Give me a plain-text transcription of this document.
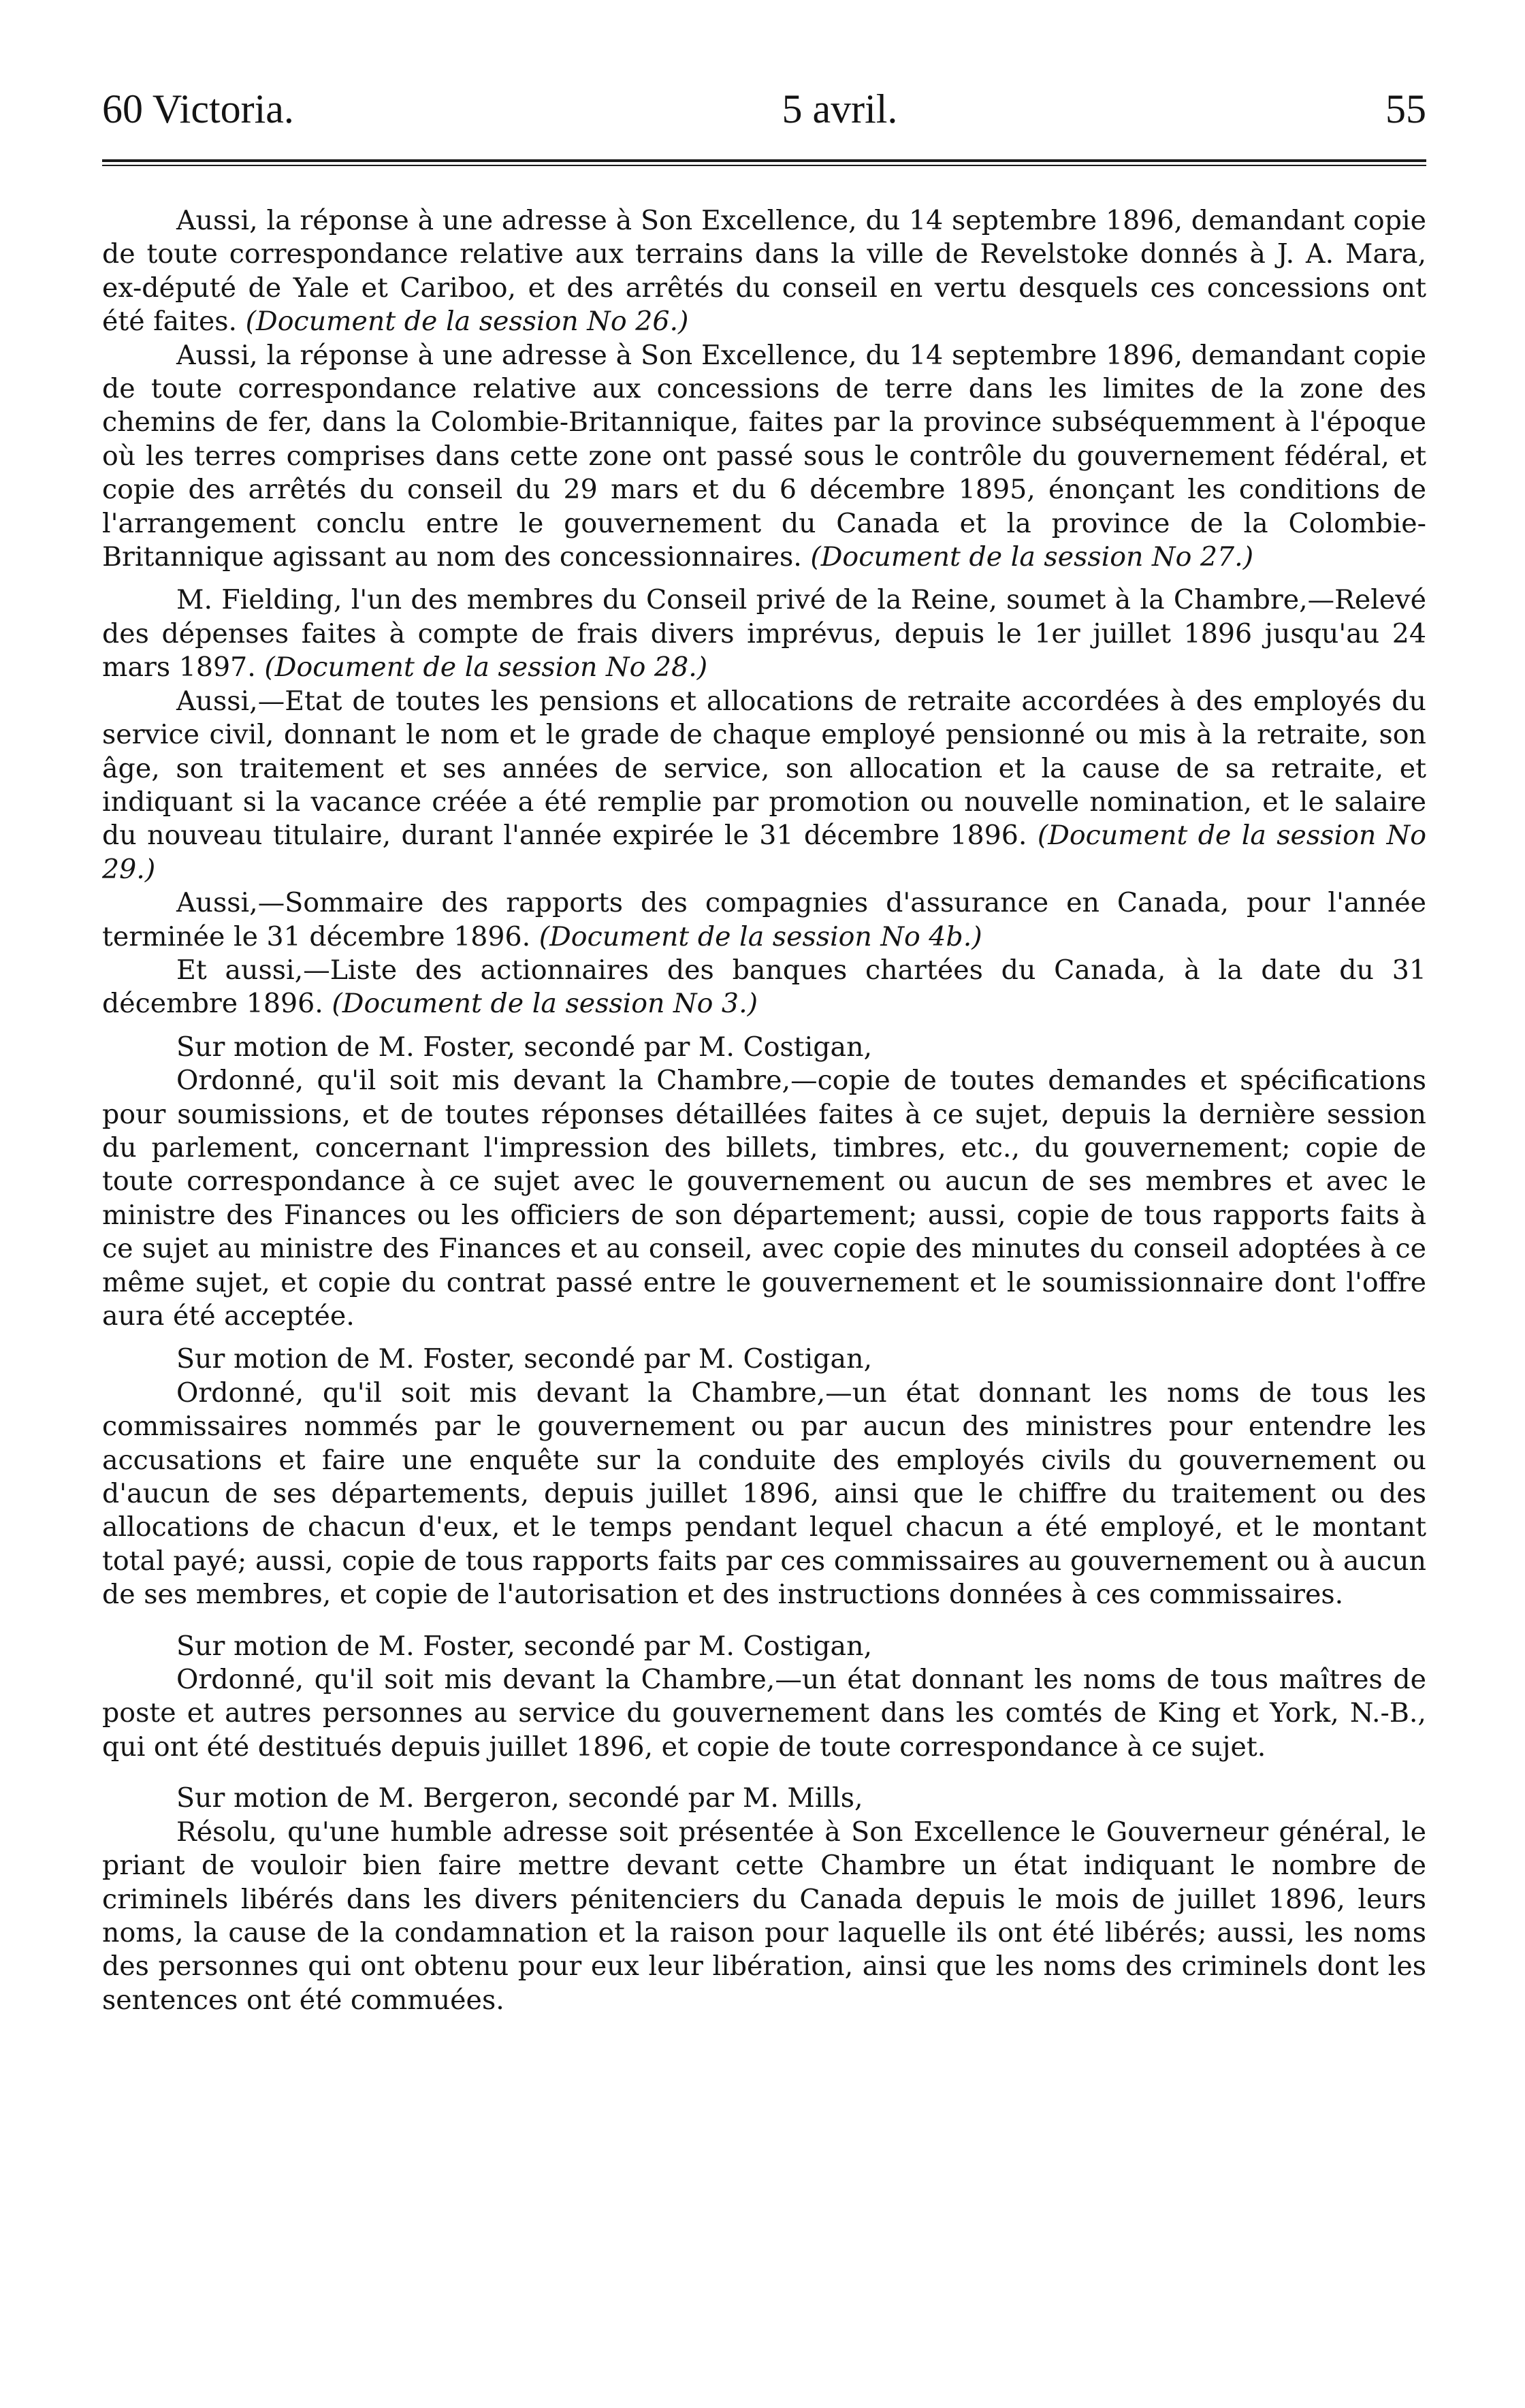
60 Victoria.	5 avril.	55

Aussi, la réponse à une adresse à Son Excellence, du 14 septembre 1896, demandant copie de toute correspondance relative aux terrains dans la ville de Revelstoke donnés à J. A. Mara, ex-député de Yale et Cariboo, et des arrêtés du conseil en vertu desquels ces concessions ont été faites. (Document de la session No 26.)

Aussi, la réponse à une adresse à Son Excellence, du 14 septembre 1896, demandant copie de toute correspondance relative aux concessions de terre dans les limites de la zone des chemins de fer, dans la Colombie-Britannique, faites par la province subséquemment à l'époque où les terres comprises dans cette zone ont passé sous le contrôle du gouvernement fédéral, et copie des arrêtés du conseil du 29 mars et du 6 décembre 1895, énonçant les conditions de l'arrangement conclu entre le gouvernement du Canada et la province de la Colombie-Britannique agissant au nom des concessionnaires. (Document de la session No 27.)

M. Fielding, l'un des membres du Conseil privé de la Reine, soumet à la Chambre,—Relevé des dépenses faites à compte de frais divers imprévus, depuis le 1er juillet 1896 jusqu'au 24 mars 1897. (Document de la session No 28.)

Aussi,—Etat de toutes les pensions et allocations de retraite accordées à des employés du service civil, donnant le nom et le grade de chaque employé pensionné ou mis à la retraite, son âge, son traitement et ses années de service, son allocation et la cause de sa retraite, et indiquant si la vacance créée a été remplie par promotion ou nouvelle nomination, et le salaire du nouveau titulaire, durant l'année expirée le 31 décembre 1896. (Document de la session No 29.)

Aussi,—Sommaire des rapports des compagnies d'assurance en Canada, pour l'année terminée le 31 décembre 1896. (Document de la session No 4b.)

Et aussi,—Liste des actionnaires des banques chartées du Canada, à la date du 31 décembre 1896. (Document de la session No 3.)

Sur motion de M. Foster, secondé par M. Costigan,

Ordonné, qu'il soit mis devant la Chambre,—copie de toutes demandes et spécifications pour soumissions, et de toutes réponses détaillées faites à ce sujet, depuis la dernière session du parlement, concernant l'impression des billets, timbres, etc., du gouvernement; copie de toute correspondance à ce sujet avec le gouvernement ou aucun de ses membres et avec le ministre des Finances ou les officiers de son département; aussi, copie de tous rapports faits à ce sujet au ministre des Finances et au conseil, avec copie des minutes du conseil adoptées à ce même sujet, et copie du contrat passé entre le gouvernement et le soumissionnaire dont l'offre aura été acceptée.

Sur motion de M. Foster, secondé par M. Costigan,

Ordonné, qu'il soit mis devant la Chambre,—un état donnant les noms de tous les commissaires nommés par le gouvernement ou par aucun des ministres pour entendre les accusations et faire une enquête sur la conduite des employés civils du gouvernement ou d'aucun de ses départements, depuis juillet 1896, ainsi que le chiffre du traitement ou des allocations de chacun d'eux, et le temps pendant lequel chacun a été employé, et le montant total payé; aussi, copie de tous rapports faits par ces commissaires au gouvernement ou à aucun de ses membres, et copie de l'autorisation et des instructions données à ces commissaires.

Sur motion de M. Foster, secondé par M. Costigan,

Ordonné, qu'il soit mis devant la Chambre,—un état donnant les noms de tous maîtres de poste et autres personnes au service du gouvernement dans les comtés de King et York, N.-B., qui ont été destitués depuis juillet 1896, et copie de toute correspondance à ce sujet.

Sur motion de M. Bergeron, secondé par M. Mills,

Résolu, qu'une humble adresse soit présentée à Son Excellence le Gouverneur général, le priant de vouloir bien faire mettre devant cette Chambre un état indiquant le nombre de criminels libérés dans les divers pénitenciers du Canada depuis le mois de juillet 1896, leurs noms, la cause de la condamnation et la raison pour laquelle ils ont été libérés; aussi, les noms des personnes qui ont obtenu pour eux leur libération, ainsi que les noms des criminels dont les sentences ont été commuées.
